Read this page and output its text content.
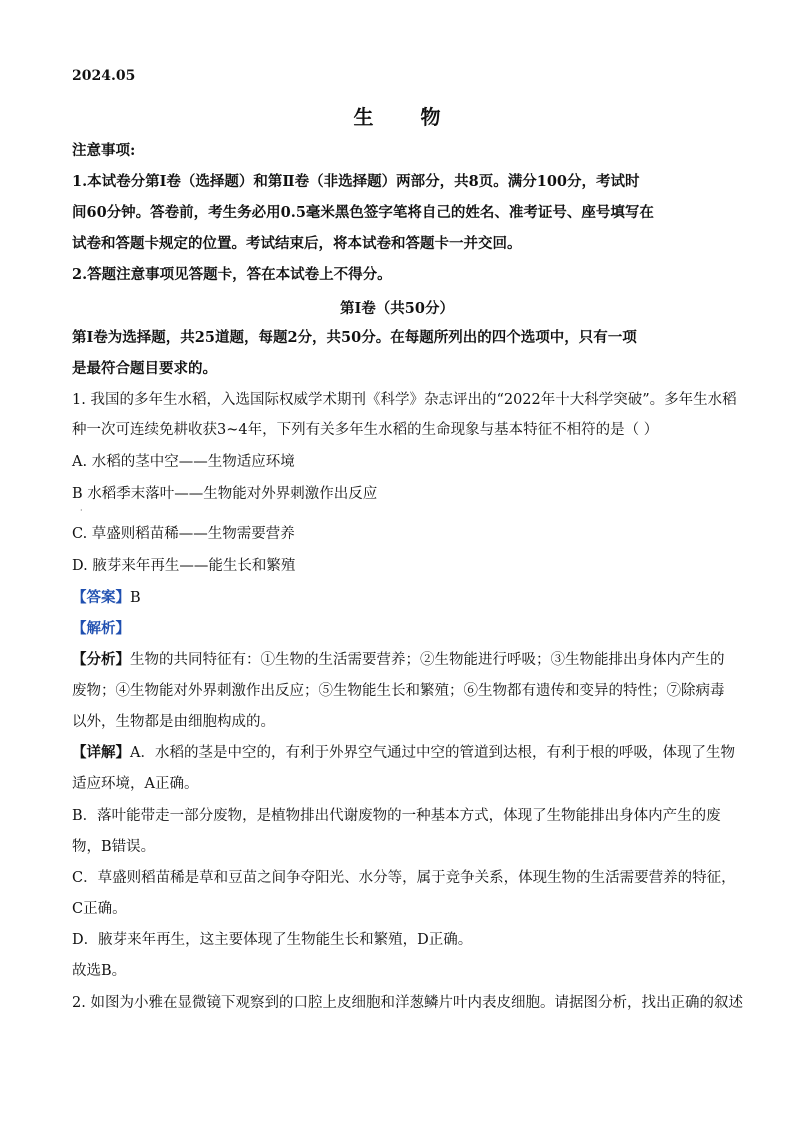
2024.05
生 物
注意事项:
1.本试卷分第Ⅰ卷（选择题）和第Ⅱ卷（非选择题）两部分，共8页。满分100分，考试时
间60分钟。答卷前，考生务必用0.5毫米黑色签字笔将自己的姓名、准考证号、座号填写在
试卷和答题卡规定的位置。考试结束后，将本试卷和答题卡一并交回。
2.答题注意事项见答题卡，答在本试卷上不得分。
第Ⅰ卷（共50分）
第Ⅰ卷为选择题，共25道题，每题2分，共50分。在每题所列出的四个选项中，只有一项
是最符合题目要求的。
1. 我国的多年生水稻，入选国际权威学术期刊《科学》杂志评出的“2022年十大科学突破”。多年生水稻
种一次可连续免耕收获3~4年，下列有关多年生水稻的生命现象与基本特征不相符的是（ ）
A. 水稻的茎中空——生物适应环境
B 水稻季末落叶——生物能对外界刺激作出反应
·
C. 草盛则稻苗稀——生物需要营养
D. 腋芽来年再生——能生长和繁殖
【答案】B
【解析】
【分析】生物的共同特征有：①生物的生活需要营养；②生物能进行呼吸；③生物能排出身体内产生的
废物；④生物能对外界刺激作出反应；⑤生物能生长和繁殖；⑥生物都有遗传和变异的特性；⑦除病毒
以外，生物都是由细胞构成的。
【详解】A．水稻的茎是中空的，有利于外界空气通过中空的管道到达根，有利于根的呼吸，体现了生物
适应环境，A正确。
B．落叶能带走一部分废物，是植物排出代谢废物的一种基本方式，体现了生物能排出身体内产生的废
物，B错误。
C．草盛则稻苗稀是草和豆苗之间争夺阳光、水分等，属于竞争关系，体现生物的生活需要营养的特征，
C正确。
D．腋芽来年再生，这主要体现了生物能生长和繁殖，D正确。
故选B。
2. 如图为小雅在显微镜下观察到的口腔上皮细胞和洋葱鳞片叶内表皮细胞。请据图分析，找出正确的叙述
